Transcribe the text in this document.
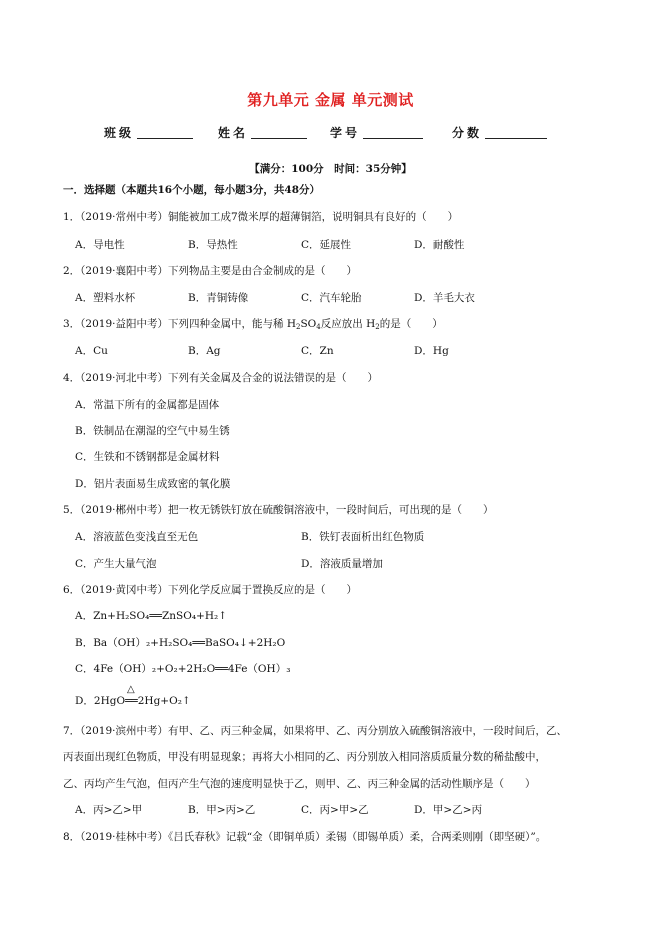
第九单元 金属 单元测试
班级	姓名	学号	分数
【满分：100分　时间：35分钟】
一．选择题（本题共16个小题，每小题3分，共48分）
1．（2019·常州中考）铜能被加工成7微米厚的超薄铜箔，说明铜具有良好的（　　）
A．导电性	B．导热性	C．延展性	D．耐酸性
2．（2019·襄阳中考）下列物品主要是由合金制成的是（　　）
A．塑料水杯	B．青铜铸像	C．汽车轮胎	D．羊毛大衣
3．（2019·益阳中考）下列四种金属中，能与稀 $H_2SO_4$反应放出 $H_2$的是（　　）
A．Cu	B．Ag	C．Zn	D．Hg
4．（2019·河北中考）下列有关金属及合金的说法错误的是（　　）
A．常温下所有的金属都是固体
B．铁制品在潮湿的空气中易生锈
C．生铁和不锈钢都是金属材料
D．铝片表面易生成致密的氧化膜
5．（2019·郴州中考）把一枚无锈铁钉放在硫酸铜溶液中，一段时间后，可出现的是（　　）
A．溶液蓝色变浅直至无色	B．铁钉表面析出红色物质
C．产生大量气泡	D．溶液质量增加
6．（2019·黄冈中考）下列化学反应属于置换反应的是（　　）
A．Zn+H₂SO₄══ZnSO₄+H₂↑
B．Ba（OH）₂+H₂SO₄══BaSO₄↓+2H₂O
C．4Fe（OH）₂+O₂+2H₂O══4Fe（OH）₃
D．2HgO══2Hg+O₂↑
△
7．（2019·滨州中考）有甲、乙、丙三种金属，如果将甲、乙、丙分别放入硫酸铜溶液中，一段时间后，乙、
丙表面出现红色物质，甲没有明显现象；再将大小相同的乙、丙分别放入相同溶质质量分数的稀盐酸中，
乙、丙均产生气泡，但丙产生气泡的速度明显快于乙，则甲、乙、丙三种金属的活动性顺序是（　　）
A．丙>乙>甲	B．甲>丙>乙	C．丙>甲>乙	D．甲>乙>丙
8．（2019·桂林中考）《吕氏春秋》记载“金（即铜单质）柔锡（即锡单质）柔，合两柔则刚（即坚硬）”。
